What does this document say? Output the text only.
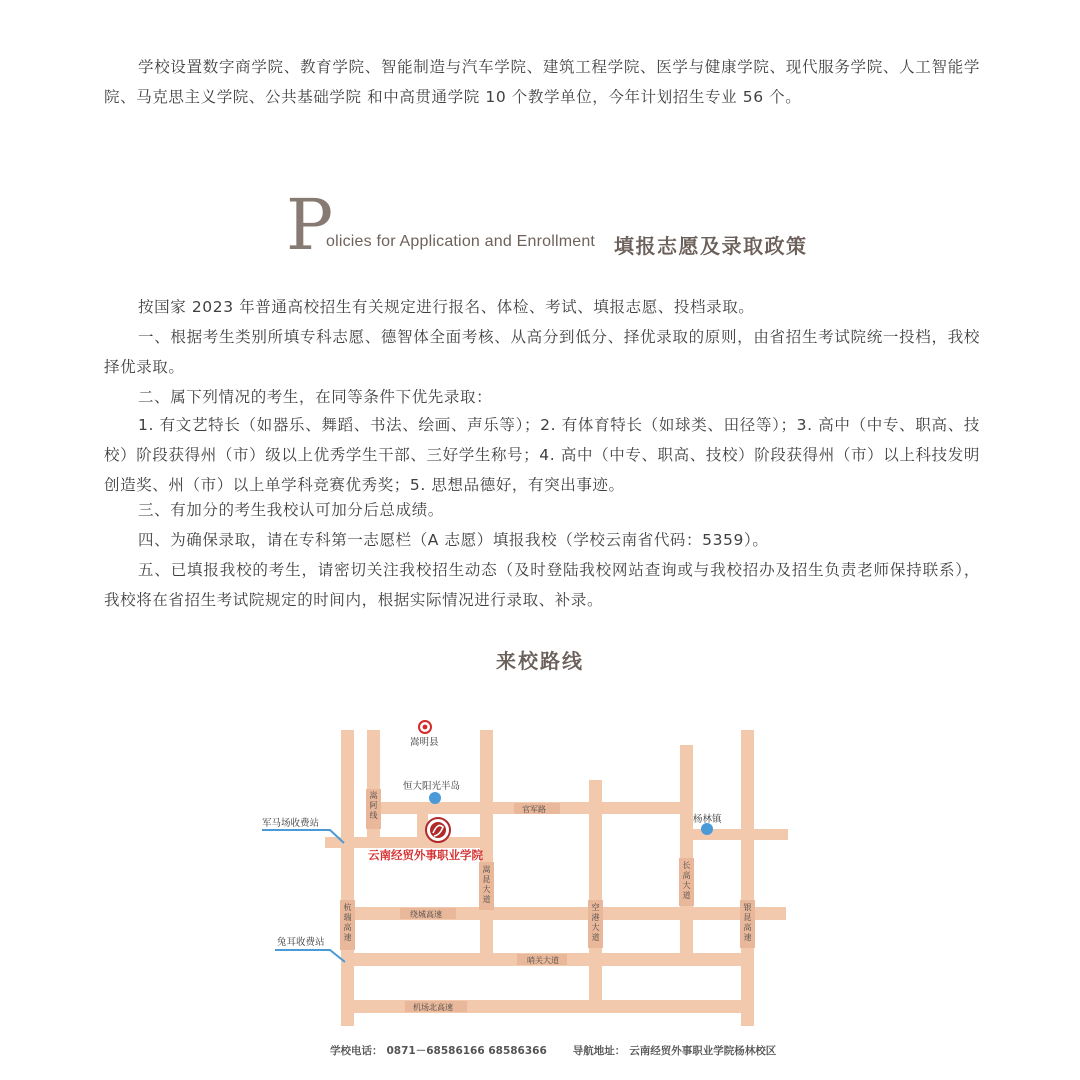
学校设置数字商学院、教育学院、智能制造与汽车学院、建筑工程学院、医学与健康学院、现代服务学院、人工智能学院、马克思主义学院、公共基础学院 和中高贯通学院 10 个教学单位，今年计划招生专业 56 个。

P
olicies for Application and Enrollment 填报志愿及录取政策

按国家 2023 年普通高校招生有关规定进行报名、体检、考试、填报志愿、投档录取。

一、根据考生类别所填专科志愿、德智体全面考核、从高分到低分、择优录取的原则，由省招生考试院统一投档，我校择优录取。

二、属下列情况的考生，在同等条件下优先录取：

1. 有文艺特长（如器乐、舞蹈、书法、绘画、声乐等）；2. 有体育特长（如球类、田径等）；3. 高中（中专、职高、技校）阶段获得州（市）级以上优秀学生干部、三好学生称号；4. 高中（中专、职高、技校）阶段获得州（市）以上科技发明创造奖、州（市）以上单学科竞赛优秀奖；5. 思想品德好，有突出事迹。

三、有加分的考生我校认可加分后总成绩。

四、为确保录取，请在专科第一志愿栏（A 志愿）填报我校（学校云南省代码：5359）。

五、已填报我校的考生，请密切关注我校招生动态（及时登陆我校网站查询或与我校招办及招生负责老师保持联系），我校将在省招生考试院规定的时间内，根据实际情况进行录取、补录。

来校路线
嵩明县
恒大阳光半岛
杨林镇
军马场收费站
兔耳收费站
云南经贸外事职业学院
官军路
绕城高速
哨关大道
机场北高速
嵩阿线
嵩昆大道
长高大道
杭瑞高速
空港大道
银昆高速
学校电话： 0871－68586166 68586366 导航地址： 云南经贸外事职业学院杨林校区
